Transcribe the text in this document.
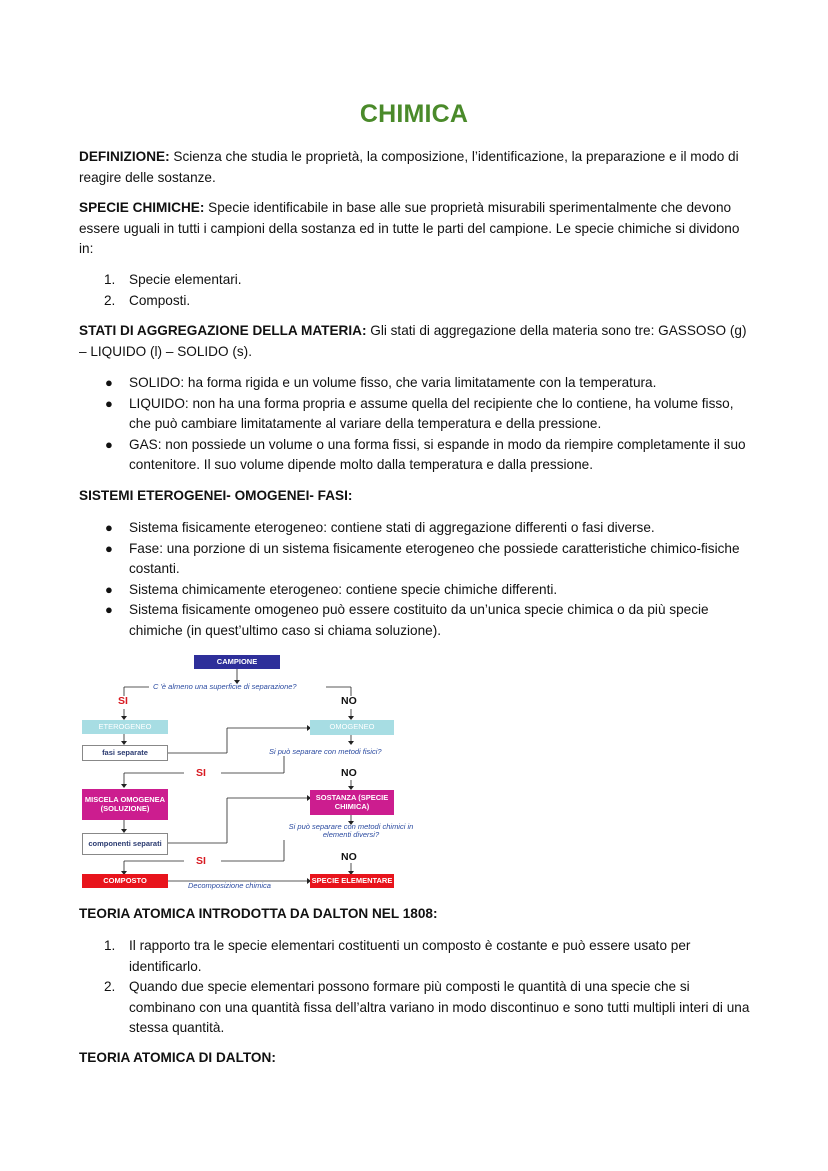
CHIMICA
DEFINIZIONE: Scienza che studia le proprietà, la composizione, l’identificazione, la preparazione e il modo di reagire delle sostanze.
SPECIE CHIMICHE: Specie identificabile in base alle sue proprietà misurabili sperimentalmente che devono essere uguali in tutti i campioni della sostanza ed in tutte le parti del campione. Le specie chimiche si dividono in:
1. Specie elementari.
2. Composti.
STATI DI AGGREGAZIONE DELLA MATERIA: Gli stati di aggregazione della materia sono tre: GASSOSO (g) – LIQUIDO (l) – SOLIDO (s).
● SOLIDO: ha forma rigida e un volume fisso, che varia limitatamente con la temperatura.
● LIQUIDO: non ha una forma propria e assume quella del recipiente che lo contiene, ha volume fisso, che può cambiare limitatamente al variare della temperatura e della pressione.
● GAS: non possiede un volume o una forma fissi, si espande in modo da riempire completamente il suo contenitore. Il suo volume dipende molto dalla temperatura e dalla pressione.
SISTEMI ETEROGENEI- OMOGENEI- FASI:
● Sistema fisicamente eterogeneo: contiene stati di aggregazione differenti o fasi diverse.
● Fase: una porzione di un sistema fisicamente eterogeneo che possiede caratteristiche chimico-fisiche costanti.
● Sistema chimicamente eterogeneo: contiene specie chimiche differenti.
● Sistema fisicamente omogeneo può essere costituito da un’unica specie chimica o da più specie chimiche (in quest’ultimo caso si chiama soluzione).
CAMPIONE
C 'è almeno una superficie di separazione?
SI	NO
ETEROGENEO	OMOGENEO
fasi separate	Si può separare con metodi fisici?
SI	NO
MISCELA OMOGENEA (SOLUZIONE)
SOSTANZA (SPECIE CHIMICA)
Si può separare con metodi chimici in elementi diversi?
componenti separati
SI	NO
COMPOSTO
Decomposizione chimica
SPECIE ELEMENTARE
TEORIA ATOMICA INTRODOTTA DA DALTON NEL 1808:
1. Il rapporto tra le specie elementari costituenti un composto è costante e può essere usato per identificarlo.
2. Quando due specie elementari possono formare più composti le quantità di una specie che si combinano con una quantità fissa dell’altra variano in modo discontinuo e sono tutti multipli interi di una stessa quantità.
TEORIA ATOMICA DI DALTON:
